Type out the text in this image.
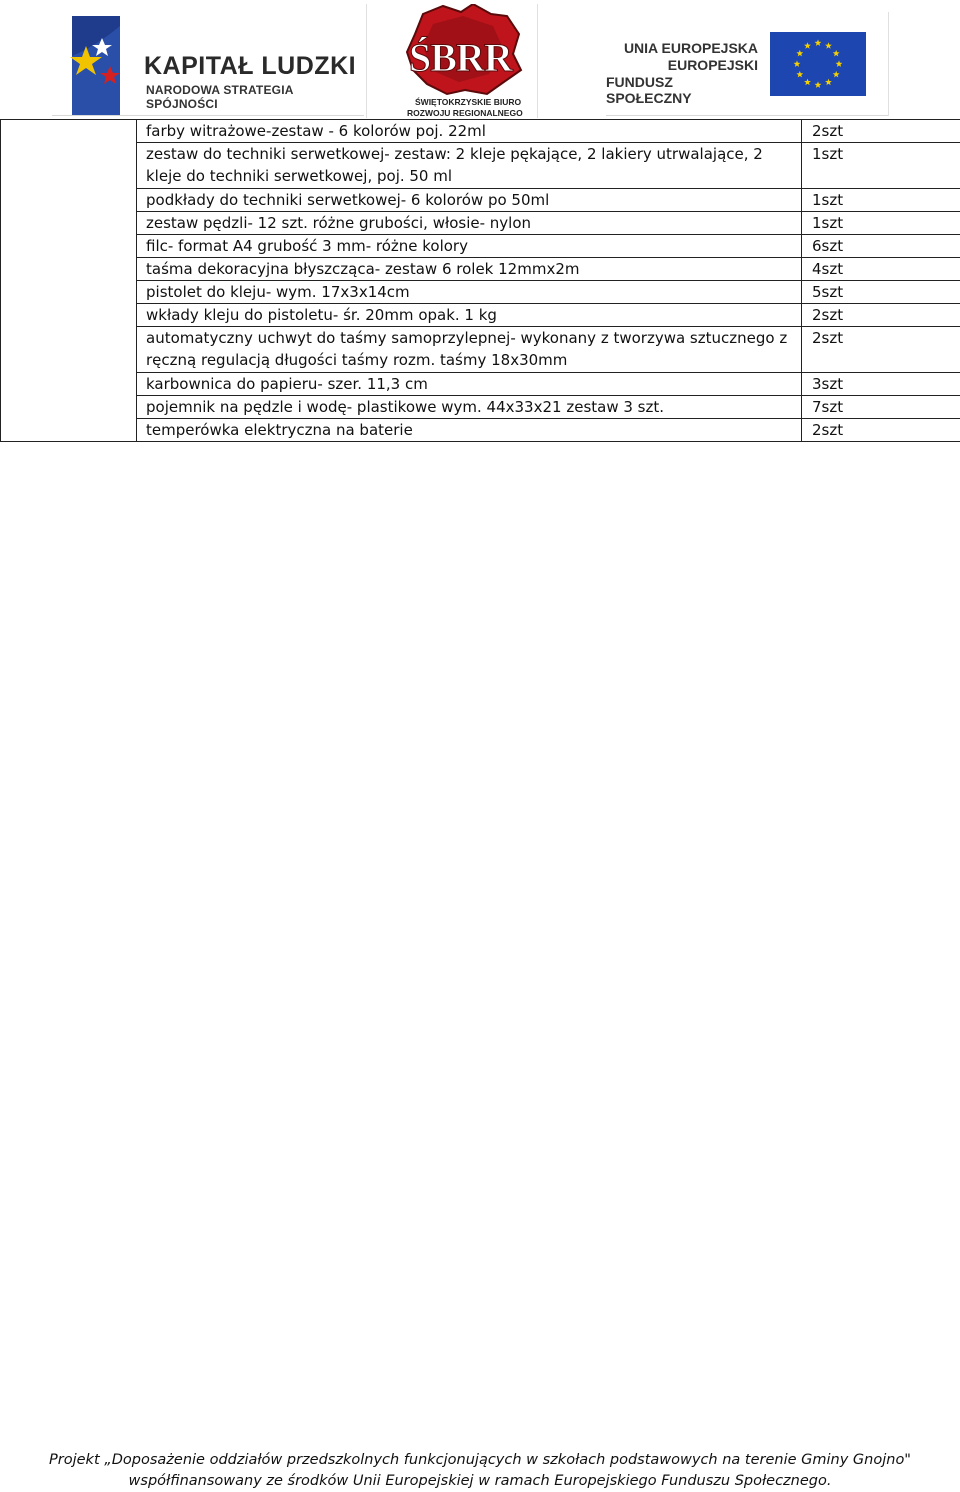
KAPITAŁ LUDZKI
NARODOWA STRATEGIA SPÓJNOŚCI
ŚBRR
ŚWIĘTOKRZYSKIE BIURO
ROZWOJU REGIONALNEGO
UNIA EUROPEJSKA
EUROPEJSKI
FUNDUSZ SPOŁECZNY
	farby witrażowe-zestaw - 6 kolorów poj. 22ml	2szt
	zestaw do techniki serwetkowej- zestaw: 2 kleje pękające, 2 lakiery utrwalające, 2 kleje do techniki serwetkowej, poj. 50 ml	1szt
	podkłady do techniki serwetkowej- 6 kolorów po 50ml	1szt
	zestaw pędzli- 12 szt. różne grubości, włosie- nylon	1szt
	filc- format A4 grubość 3 mm- różne kolory	6szt
	taśma dekoracyjna błyszcząca- zestaw 6 rolek 12mmx2m	4szt
	pistolet do kleju- wym. 17x3x14cm	5szt
	wkłady kleju do pistoletu- śr. 20mm opak. 1 kg	2szt
	automatyczny uchwyt do taśmy samoprzylepnej- wykonany z tworzywa sztucznego z ręczną regulacją długości taśmy rozm. taśmy 18x30mm	2szt
	karbownica do papieru- szer. 11,3 cm	3szt
	pojemnik na pędzle i wodę- plastikowe wym. 44x33x21 zestaw 3 szt.	7szt
	temperówka elektryczna na baterie	2szt
Projekt „Doposażenie oddziałów przedszkolnych funkcjonujących w szkołach podstawowych na terenie Gminy Gnojno"
współfinansowany ze środków Unii Europejskiej w ramach Europejskiego Funduszu Społecznego.
